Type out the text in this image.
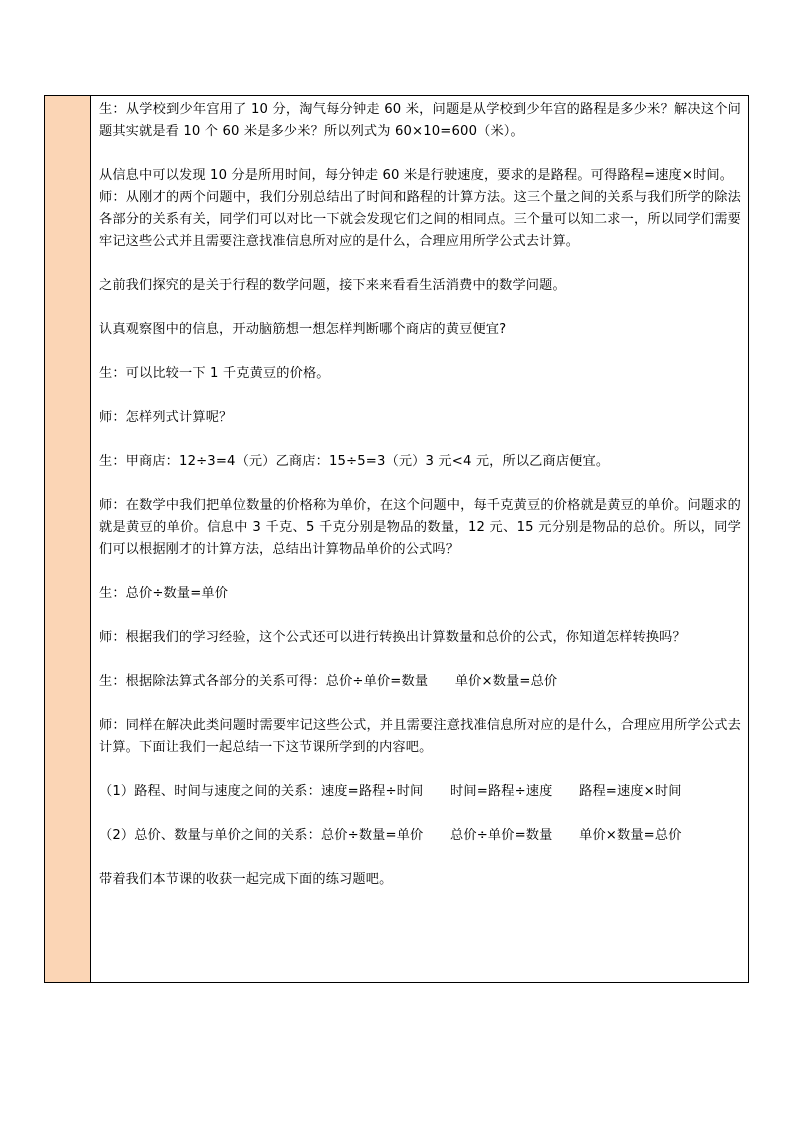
生：从学校到少年宫用了 10 分，淘气每分钟走 60 米，问题是从学校到少年宫的路程是多少米？解决这个问题其实就是看 10 个 60 米是多少米？所以列式为 60×10=600（米）。

从信息中可以发现 10 分是所用时间，每分钟走 60 米是行驶速度，要求的是路程。可得路程=速度×时间。

师：从刚才的两个问题中，我们分别总结出了时间和路程的计算方法。这三个量之间的关系与我们所学的除法各部分的关系有关，同学们可以对比一下就会发现它们之间的相同点。三个量可以知二求一，所以同学们需要牢记这些公式并且需要注意找准信息所对应的是什么，合理应用所学公式去计算。

之前我们探究的是关于行程的数学问题，接下来来看看生活消费中的数学问题。

认真观察图中的信息，开动脑筋想一想怎样判断哪个商店的黄豆便宜?

生：可以比较一下 1 千克黄豆的价格。

师：怎样列式计算呢？

生：甲商店：12÷3=4（元）乙商店：15÷5=3（元）3 元<4 元，所以乙商店便宜。

师：在数学中我们把单位数量的价格称为单价，在这个问题中，每千克黄豆的价格就是黄豆的单价。问题求的就是黄豆的单价。信息中 3 千克、5 千克分别是物品的数量，12 元、15 元分别是物品的总价。所以，同学们可以根据刚才的计算方法，总结出计算物品单价的公式吗？

生：总价÷数量=单价

师：根据我们的学习经验，这个公式还可以进行转换出计算数量和总价的公式，你知道怎样转换吗？

生：根据除法算式各部分的关系可得：总价÷单价=数量　　单价×数量=总价

师：同样在解决此类问题时需要牢记这些公式，并且需要注意找准信息所对应的是什么，合理应用所学公式去计算。下面让我们一起总结一下这节课所学到的内容吧。

（1）路程、时间与速度之间的关系：速度=路程÷时间　　时间=路程÷速度　　路程=速度×时间

（2）总价、数量与单价之间的关系：总价÷数量=单价　　总价÷单价=数量　　单价×数量=总价

带着我们本节课的收获一起完成下面的练习题吧。
